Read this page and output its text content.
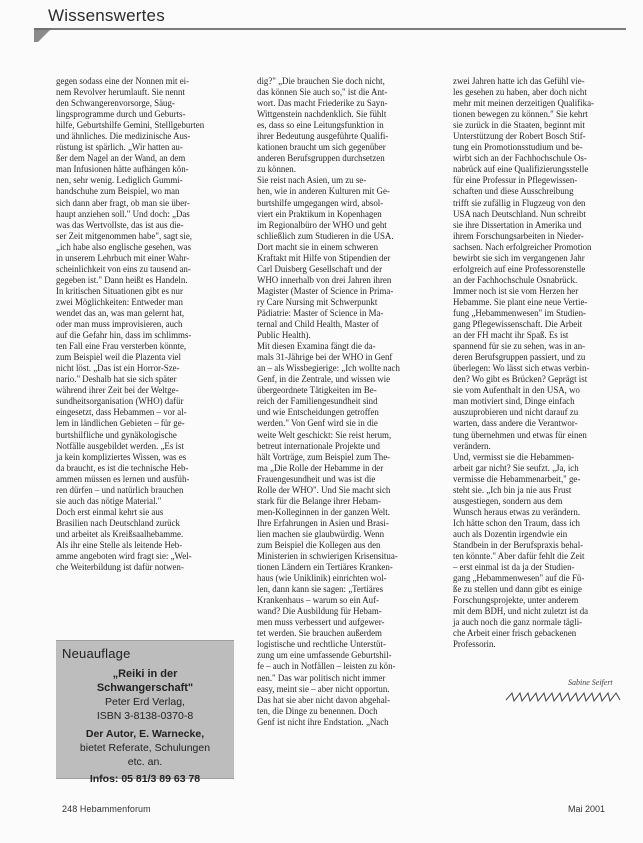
Wissenswertes

gegen sodass eine der Nonnen mit ei-

nem Revolver herumlauft. Sie nennt

den Schwangerenvorsorge, Säug-

lingsprogramme durch und Geburts-

hilfe, Geburtshilfe Gemini, Stelllgeburten

und ähnliches. Die medizinische Aus-

rüstung ist spärlich. „Wir hatten au-

ßer dem Nagel an der Wand, an dem

man Infusionen hätte aufhängen kön-

nen, sehr wenig. Lediglich Gummi-

handschuhe zum Beispiel, wo man

sich dann aber fragt, ob man sie über-

haupt anziehen soll." Und doch: „Das

was das Wertvollste, das ist aus die-

ser Zeit mitgenommen habe", sagt sie,

„ich habe also englische gesehen, was

in unserem Lehrbuch mit einer Wahr-

scheinlichkeit von eins zu tausend an-

gegeben ist." Dann heißt es Handeln.

In kritischen Situationen gibt es nur

zwei Möglichkeiten: Entweder man

wendet das an, was man gelernt hat,

oder man muss improvisieren, auch

auf die Gefahr hin, dass im schlimms-

ten Fall eine Frau versterben könnte,

zum Beispiel weil die Plazenta viel

nicht löst. „Das ist ein Horror-Sze-

nario." Deshalb hat sie sich später

während ihrer Zeit bei der Weltge-

sundheitsorganisation (WHO) dafür

eingesetzt, dass Hebammen – vor al-

lem in ländlichen Gebieten – für ge-

burtshilfliche und gynäkologische

Notfälle ausgebildet werden. „Es ist

ja kein kompliziertes Wissen, was es

da braucht, es ist die technische Heb-

ammen müssen es lernen und ausfüh-

ren dürfen – und natürlich brauchen

sie auch das nötige Material."

Doch erst einmal kehrt sie aus

Brasilien nach Deutschland zurück

und arbeitet als Kreißsaalhebamme.

Als ihr eine Stelle als leitende Heb-

amme angeboten wird fragt sie: „Wel-

che Weiterbildung ist dafür notwen-

dig?" „Die brauchen Sie doch nicht,

das können Sie auch so," ist die Ant-

wort. Das macht Friederike zu Sayn-

Wittgenstein nachdenklich. Sie fühlt

es, dass so eine Leitungsfunktion in

ihrer Bedeutung ausgeführte Qualifi-

kationen braucht um sich gegenüber

anderen Berufsgruppen durchsetzen

zu können.

Sie reist nach Asien, um zu se-

hen, wie in anderen Kulturen mit Ge-

burtshilfe umgegangen wird, absol-

viert ein Praktikum in Kopenhagen

im Regionalbüro der WHO und geht

schließlich zum Studieren in die USA.

Dort macht sie in einem schweren

Kraftakt mit Hilfe von Stipendien der

Carl Duisberg Gesellschaft und der

WHO innerhalb von drei Jahren ihren

Magister (Master of Science in Prima-

ry Care Nursing mit Schwerpunkt

Pädiatrie: Master of Science in Ma-

ternal and Child Health, Master of

Public Health).

Mit diesen Examina fängt die da-

mals 31-Jährige bei der WHO in Genf

an – als Wissbegierige: „Ich wollte nach

Genf, in die Zentrale, und wissen wie

übergeordnete Tätigkeiten im Be-

reich der Familiengesundheit sind

und wie Entscheidungen getroffen

werden." Von Genf wird sie in die

weite Welt geschickt: Sie reist herum,

betreut internationale Projekte und

hält Vorträge, zum Beispiel zum The-

ma „Die Rolle der Hebamme in der

Frauengesundheit und was ist die

Rolle der WHO". Und Sie macht sich

stark für die Belange ihrer Hebam-

men-Kolleginnen in der ganzen Welt.

Ihre Erfahrungen in Asien und Brasi-

lien machen sie glaubwürdig. Wenn

zum Beispiel die Kollegen aus den

Ministerien in schwierigen Krisensitua-

tionen Ländern ein Tertiäres Kranken-

haus (wie Uniklinik) einrichten wol-

len, dann kann sie sagen: „Tertiäres

Krankenhaus – warum so ein Auf-

wand? Die Ausbildung für Hebam-

men muss verbessert und aufgewer-

tet werden. Sie brauchen außerdem

logistische und rechtliche Unterstüt-

zung um eine umfassende Geburtshil-

fe – auch in Notfällen – leisten zu kön-

nen." Das war politisch nicht immer

easy, meint sie – aber nicht opportun.

Das hat sie aber nicht davon abgehal-

ten, die Dinge zu benennen. Doch

Genf ist nicht ihre Endstation. „Nach

zwei Jahren hatte ich das Gefühl vie-

les gesehen zu haben, aber doch nicht

mehr mit meinen derzeitigen Qualifika-

tionen bewegen zu können." Sie kehrt

sie zurück in die Staaten, beginnt mit

Unterstützung der Robert Bosch Stif-

tung ein Promotionsstudium und be-

wirbt sich an der Fachhochschule Os-

nabrück auf eine Qualifizierungsstelle

für eine Professur in Pflegewissen-

schaften und diese Ausschreibung

trifft sie zufällig in Flugzeug von den

USA nach Deutschland. Nun schreibt

sie ihre Dissertation in Amerika und

ihrem Forschungsarbeiten in Nieder-

sachsen. Nach erfolgreicher Promotion

bewirbt sie sich im vergangenen Jahr

erfolgreich auf eine Professorenstelle

an der Fachhochschule Osnabrück.

Immer noch ist sie vom Herzen her

Hebamme. Sie plant eine neue Vertie-

fung „Hebammenwesen" im Studien-

gang Pflegewissenschaft. Die Arbeit

an der FH macht ihr Spaß. Es ist

spannend für sie zu sehen, was in an-

deren Berufsgruppen passiert, und zu

überlegen: Wo lässt sich etwas verbin-

den? Wo gibt es Brücken? Geprägt ist

sie vom Aufenthalt in den USA, wo

man motiviert sind, Dinge einfach

auszuprobieren und nicht darauf zu

warten, dass andere die Verantwor-

tung übernehmen und etwas für einen

verändern.

Und, vermisst sie die Hebammen-

arbeit gar nicht? Sie seufzt. „Ja, ich

vermisse die Hebammenarbeit," ge-

steht sie. „Ich bin ja nie aus Frust

ausgestiegen, sondern aus dem

Wunsch heraus etwas zu verändern.

Ich hätte schon den Traum, dass ich

auch als Dozentin irgendwie ein

Standbein in der Berufspraxis behal-

ten könnte." Aber dafür fehlt die Zeit

– erst einmal ist da ja der Studien-

gang „Hebammenwesen" auf die Fü-

ße zu stellen und dann gibt es einige

Forschungsprojekte, unter anderem

mit dem BDH, und nicht zuletzt ist da

ja auch noch die ganz normale tägli-

che Arbeit einer frisch gebackenen

Professorin.

Neuauflage
„Reiki in der
Schwangerschaft"
Peter Erd Verlag,
ISBN 3-8138-0370-8
Der Autor, E. Warnecke,
bietet Referate, Schulungen
etc. an.
Infos: 05 81/3 89 63 78
Sabine Seifert
248 Hebammenforum	Mai 2001
